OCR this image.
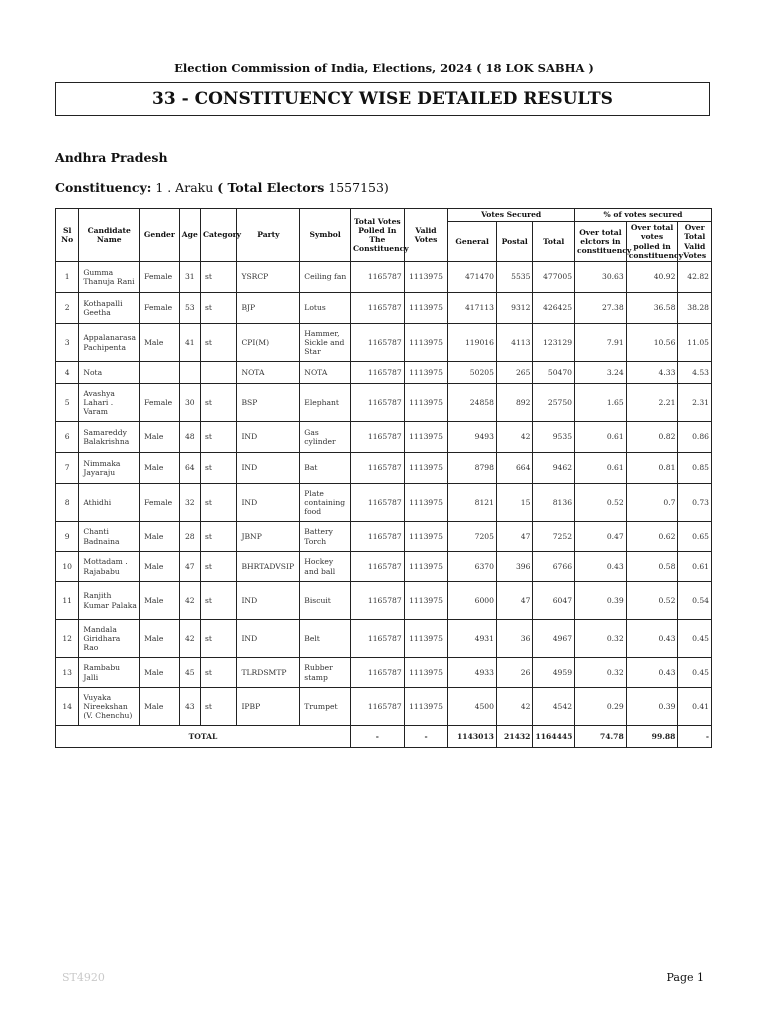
Election Commission of India, Elections, 2024 ( 18 LOK SABHA )
33 - CONSTITUENCY WISE DETAILED RESULTS
Andhra Pradesh
Constituency: 1 . Araku ( Total Electors 1557153)
Sl No	Candidate Name	Gender	Age	Category	Party	Symbol	Total Votes Polled In The Constituency	Valid Votes	Votes Secured			% of votes secured		
									General	Postal	Total	Over total elctors in constituency	Over total votes polled in constituency	Over Total Valid Votes
1	Gumma Thanuja Rani	Female	31	st	YSRCP	Ceiling fan	1165787	1113975	471470	5535	477005	30.63	40.92	42.82
2	Kothapalli Geetha	Female	53	st	BJP	Lotus	1165787	1113975	417113	9312	426425	27.38	36.58	38.28
3	Appalanarasa Pachipenta	Male	41	st	CPI(M)	Hammer, Sickle and Star	1165787	1113975	119016	4113	123129	7.91	10.56	11.05
4	Nota				NOTA	NOTA	1165787	1113975	50205	265	50470	3.24	4.33	4.53
5	Avashya Lahari . Varam	Female	30	st	BSP	Elephant	1165787	1113975	24858	892	25750	1.65	2.21	2.31
6	Samareddy Balakrishna	Male	48	st	IND	Gas cylinder	1165787	1113975	9493	42	9535	0.61	0.82	0.86
7	Nimmaka Jayaraju	Male	64	st	IND	Bat	1165787	1113975	8798	664	9462	0.61	0.81	0.85
8	Athidhi	Female	32	st	IND	Plate containing food	1165787	1113975	8121	15	8136	0.52	0.7	0.73
9	Chanti Badnaina	Male	28	st	JBNP	Battery Torch	1165787	1113975	7205	47	7252	0.47	0.62	0.65
10	Mottadam . Rajababu	Male	47	st	BHRTADVSIP	Hockey and ball	1165787	1113975	6370	396	6766	0.43	0.58	0.61
11	Ranjith Kumar Palaka	Male	42	st	IND	Biscuit	1165787	1113975	6000	47	6047	0.39	0.52	0.54
12	Mandala Giridhara Rao	Male	42	st	IND	Belt	1165787	1113975	4931	36	4967	0.32	0.43	0.45
13	Rambabu Jalli	Male	45	st	TLRDSMTP	Rubber stamp	1165787	1113975	4933	26	4959	0.32	0.43	0.45
14	Vuyaka Nireekshan (V. Chenchu)	Male	43	st	IPBP	Trumpet	1165787	1113975	4500	42	4542	0.29	0.39	0.41
TOTAL							-	-	1143013	21432	1164445	74.78	99.88	-
ST4920	Page 1
